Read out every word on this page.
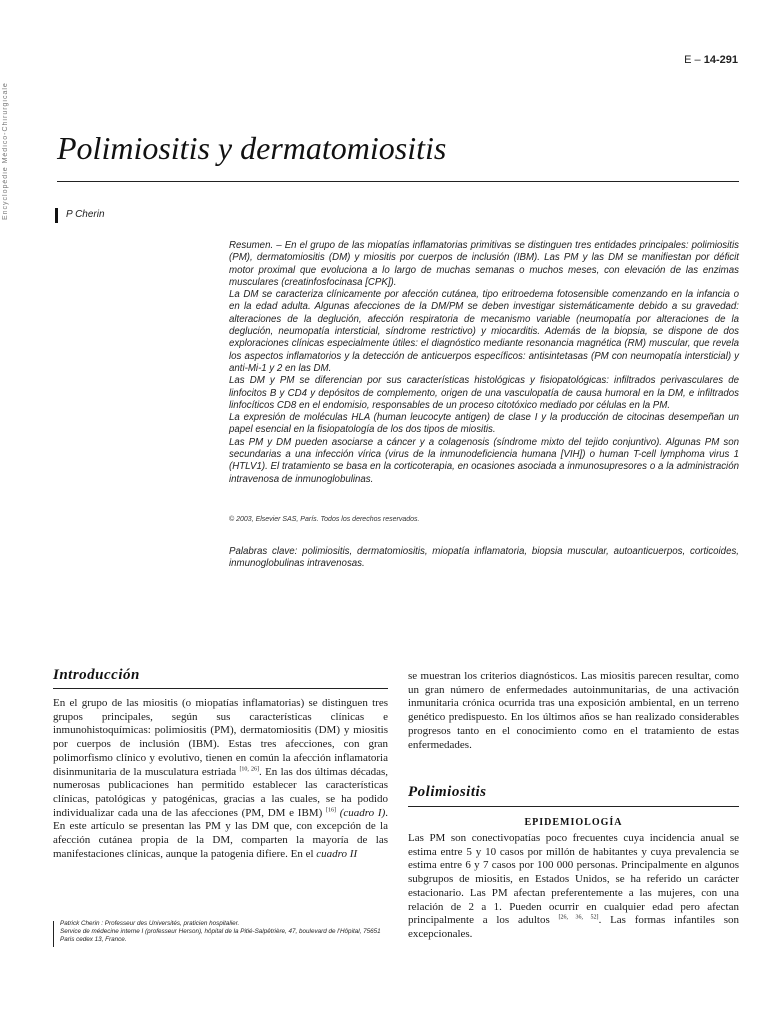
Encyclopédie Médico-Chirurgicale
E – 14-291
Polimiositis y dermatomiositis
P Cherin

Resumen. – En el grupo de las miopatías inflamatorias primitivas se distinguen tres entidades principales: polimiositis (PM), dermatomiositis (DM) y miositis por cuerpos de inclusión (IBM). Las PM y las DM se manifiestan por déficit motor proximal que evoluciona a lo largo de muchas semanas o muchos meses, con elevación de las enzimas musculares (creatinfosfocinasa [CPK]).

La DM se caracteriza clínicamente por afección cutánea, tipo eritroedema fotosensible comenzando en la infancia o en la edad adulta. Algunas afecciones de la DM/PM se deben investigar sistemáticamente debido a su gravedad: alteraciones de la deglución, afección respiratoria de mecanismo variable (neumopatía por alteraciones de la deglución, neumopatía intersticial, síndrome restrictivo) y miocarditis. Además de la biopsia, se dispone de dos exploraciones clínicas especialmente útiles: el diagnóstico mediante resonancia magnética (RM) muscular, que revela los aspectos inflamatorios y la detección de anticuerpos específicos: antisintetasas (PM con neumopatía intersticial) y anti-Mi-1 y 2 en las DM.

Las DM y PM se diferencian por sus características histológicas y fisiopatológicas: infiltrados perivasculares de linfocitos B y CD4 y depósitos de complemento, origen de una vasculopatía de causa humoral en la DM, e infiltrados linfocíticos CD8 en el endomisio, responsables de un proceso citotóxico mediado por células en la PM.

La expresión de moléculas HLA (human leucocyte antigen) de clase I y la producción de citocinas desempeñan un papel esencial en la fisiopatología de los dos tipos de miositis.

Las PM y DM pueden asociarse a cáncer y a colagenosis (síndrome mixto del tejido conjuntivo). Algunas PM son secundarias a una infección vírica (virus de la inmunodeficiencia humana [VIH]) o human T-cell lymphoma virus 1 (HTLV1). El tratamiento se basa en la corticoterapia, en ocasiones asociada a inmunosupresores o a la administración intravenosa de inmunoglobulinas.

© 2003, Elsevier SAS, París. Todos los derechos reservados.
Palabras clave: polimiositis, dermatomiositis, miopatía inflamatoria, biopsia muscular, autoanticuerpos, corticoides, inmunoglobulinas intravenosas.
Introducción

En el grupo de las miositis (o miopatías inflamatorias) se distinguen tres grupos principales, según sus características clínicas e inmunohistoquímicas: polimiositis (PM), dermatomiositis (DM) y miositis por cuerpos de inclusión (IBM). Estas tres afecciones, con gran polimorfismo clínico y evolutivo, tienen en común la afección inflamatoria disinmunitaria de la musculatura estriada [10, 26]. En las dos últimas décadas, numerosas publicaciones han permitido establecer las características clínicas, patológicas y patogénicas, gracias a las cuales, se ha podido individualizar cada una de las afecciones (PM, DM e IBM) [16] (cuadro I). En este artículo se presentan las PM y las DM que, con excepción de la afección cutánea propia de la DM, comparten la mayoría de las manifestaciones clínicas, aunque la patogenia difiere. En el cuadro II

se muestran los criterios diagnósticos. Las miositis parecen resultar, como un gran número de enfermedades autoinmunitarias, de una activación inmunitaria crónica ocurrida tras una exposición ambiental, en un terreno genético predispuesto. En los últimos años se han realizado considerables progresos tanto en el conocimiento como en el tratamiento de estas enfermedades.
Polimiositis
EPIDEMIOLOGÍA

Las PM son conectivopatías poco frecuentes cuya incidencia anual se estima entre 5 y 10 casos por millón de habitantes y cuya prevalencia se estima entre 6 y 7 casos por 100 000 personas. Principalmente en algunos subgrupos de miositis, en Estados Unidos, se ha referido un carácter estacionario. Las PM afectan preferentemente a las mujeres, con una relación de 2 a 1. Pueden ocurrir en cualquier edad pero afectan principalmente a los adultos [26, 36, 52]. Las formas infantiles son excepcionales.

Patrick Cherin : Professeur des Universités, praticien hospitalier.

Service de médecine interne I (professeur Herson), hôpital de la Pitié-Salpêtrière, 47, boulevard de l’Hôpital, 75651 Paris cedex 13, France.
